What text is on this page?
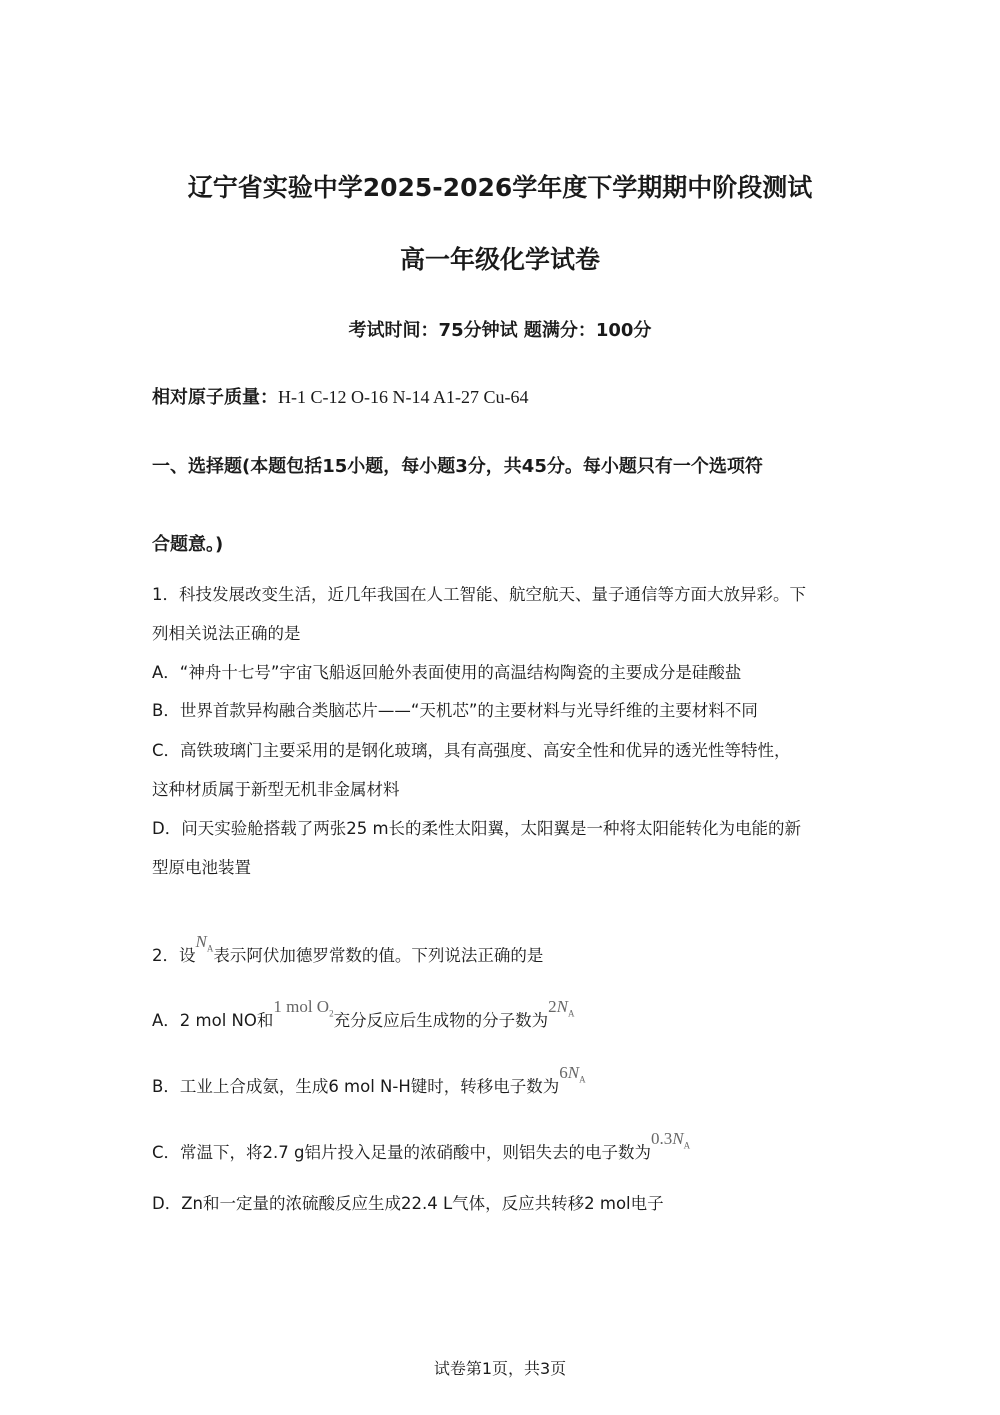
辽宁省实验中学2025-2026学年度下学期期中阶段测试
高一年级化学试卷
考试时间：75分钟试 题满分：100分
相对原子质量：H-1 C-12 O-16 N-14 A1-27 Cu-64
一、选择题(本题包括15小题，每小题3分，共45分。每小题只有一个选项符
合题意。)
1．科技发展改变生活，近几年我国在人工智能、航空航天、量子通信等方面大放异彩。下
列相关说法正确的是
A．“神舟十七号”宇宙飞船返回舱外表面使用的高温结构陶瓷的主要成分是硅酸盐
B．世界首款异构融合类脑芯片——“天机芯”的主要材料与光导纤维的主要材料不同
C．高铁玻璃门主要采用的是钢化玻璃，具有高强度、高安全性和优异的透光性等特性，
这种材质属于新型无机非金属材料
D．问天实验舱搭载了两张25 m长的柔性太阳翼，太阳翼是一种将太阳能转化为电能的新
型原电池装置
2．设$N_A$表示阿伏加德罗常数的值。下列说法正确的是
A．2 mol NO和1 mol $O_2$充分反应后生成物的分子数为$2N_A$
B．工业上合成氨，生成6 mol N-H键时，转移电子数为$6N_A$
C．常温下，将2.7 g铝片投入足量的浓硝酸中，则铝失去的电子数为$0.3N_A$
D．Zn和一定量的浓硫酸反应生成22.4 L气体，反应共转移2 mol电子
试卷第1页，共3页
